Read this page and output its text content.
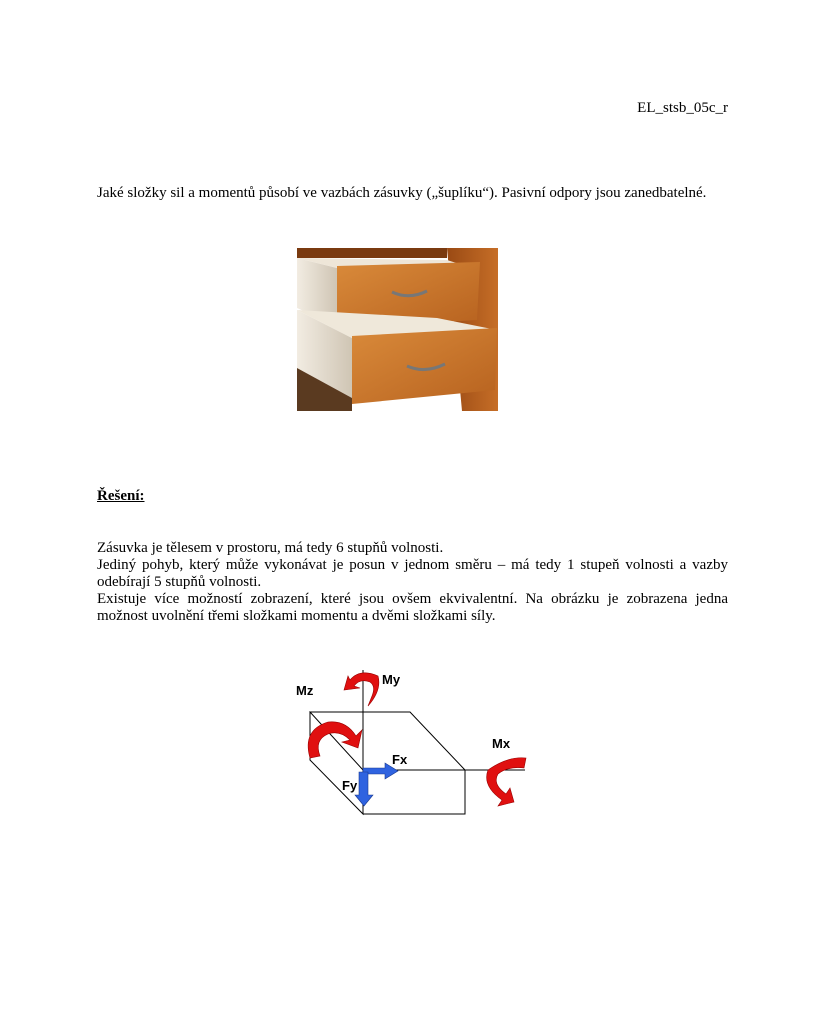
EL_stsb_05c_r
Jaké složky sil a momentů působí ve vazbách zásuvky („šuplíku“). Pasivní odpory jsou zanedbatelné.
Řešení:

Zásuvka je tělesem v prostoru, má tedy 6 stupňů volnosti.

Jediný pohyb, který může vykonávat je posun v jednom směru – má tedy 1 stupeň volnosti a vazby odebírají 5 stupňů volnosti.

Existuje více možností zobrazení, které jsou ovšem ekvivalentní. Na obrázku je zobrazena jedna možnost uvolnění třemi složkami momentu a dvěmi složkami síly.

Mz
My
Mx
Fx
Fy
